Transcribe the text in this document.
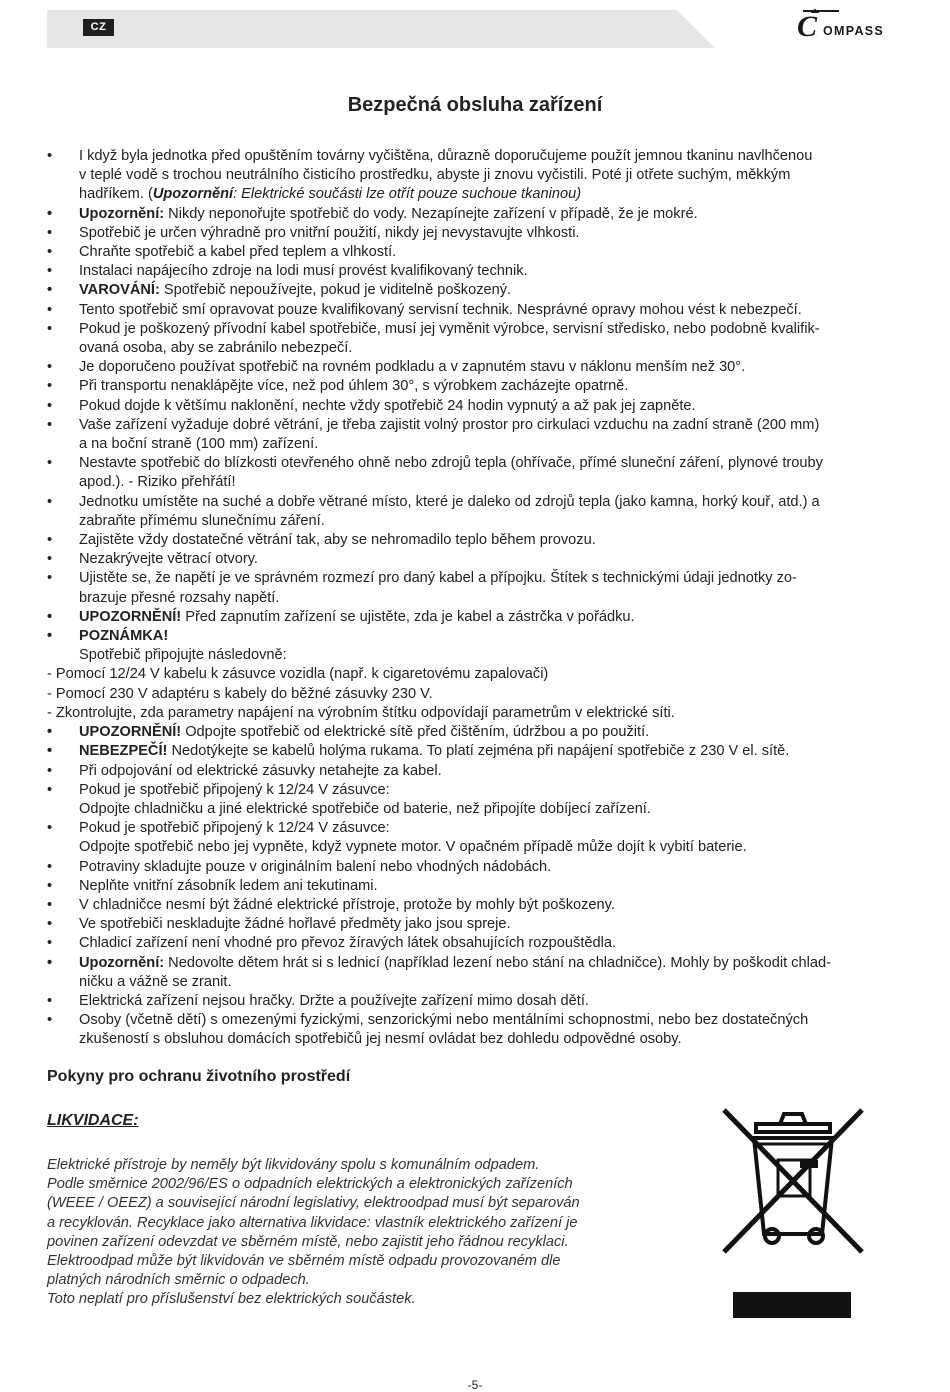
CZ	C OMPASS
Bezpečná obsluha zařízení
•	I když byla jednotka před opuštěním továrny vyčištěna, důrazně doporučujeme použít jemnou tkaninu navlhčenou
v teplé vodě s trochou neutrálního čisticího prostředku, abyste ji znovu vyčistili. Poté ji otřete suchým, měkkým
hadříkem. (Upozornění: Elektrické součásti lze otřít pouze suchoue tkaninou)
•	Upozornění: Nikdy neponořujte spotřebič do vody. Nezapínejte zařízení v případě, že je mokré.
•	Spotřebič je určen výhradně pro vnitřní použití, nikdy jej nevystavujte vlhkosti.
•	Chraňte spotřebič a kabel před teplem a vlhkostí.
•	Instalaci napájecího zdroje na lodi musí provést kvalifikovaný technik.
•	VAROVÁNÍ: Spotřebič nepoužívejte, pokud je viditelně poškozený.
•	Tento spotřebič smí opravovat pouze kvalifikovaný servisní technik. Nesprávné opravy mohou vést k nebezpečí.
•	Pokud je poškozený přívodní kabel spotřebiče, musí jej vyměnit výrobce, servisní středisko, nebo podobně kvalifik-
ovaná osoba, aby se zabránilo nebezpečí.
•	Je doporučeno používat spotřebič na rovném podkladu a v zapnutém stavu v náklonu menším než 30°.
•	Při transportu nenaklápějte více, než pod úhlem 30°, s výrobkem zacházejte opatrně.
•	Pokud dojde k většímu naklonění, nechte vždy spotřebič 24 hodin vypnutý a až pak jej zapněte.
•	Vaše zařízení vyžaduje dobré větrání, je třeba zajistit volný prostor pro cirkulaci vzduchu na zadní straně (200 mm)
a na boční straně (100 mm) zařízení.
•	Nestavte spotřebič do blízkosti otevřeného ohně nebo zdrojů tepla (ohřívače, přímé sluneční záření, plynové trouby
apod.). - Riziko přehřátí!
•	Jednotku umístěte na suché a dobře větrané místo, které je daleko od zdrojů tepla (jako kamna, horký kouř, atd.) a
zabraňte přímému slunečnímu záření.
•	Zajistěte vždy dostatečné větrání tak, aby se nehromadilo teplo během provozu.
•	Nezakrývejte větrací otvory.
•	Ujistěte se, že napětí je ve správném rozmezí pro daný kabel a přípojku. Štítek s technickými údaji jednotky zo-
brazuje přesné rozsahy napětí.
•	UPOZORNĚNÍ! Před zapnutím zařízení se ujistěte, zda je kabel a zástrčka v pořádku.
•	POZNÁMKA!
Spotřebič připojujte následovně:
- Pomocí 12/24 V kabelu k zásuvce vozidla (např. k cigaretovému zapalovači)
- Pomocí 230 V adaptéru s kabely do běžné zásuvky 230 V.
- Zkontrolujte, zda parametry napájení na výrobním štítku odpovídají parametrům v elektrické síti.
•	UPOZORNĚNÍ! Odpojte spotřebič od elektrické sítě před čištěním, údržbou a po použití.
•	NEBEZPEČÍ! Nedotýkejte se kabelů holýma rukama. To platí zejména při napájení spotřebiče z 230 V el. sítě.
•	Při odpojování od elektrické zásuvky netahejte za kabel.
•	Pokud je spotřebič připojený k 12/24 V zásuvce:
Odpojte chladničku a jiné elektrické spotřebiče od baterie, než připojíte dobíjecí zařízení.
•	Pokud je spotřebič připojený k 12/24 V zásuvce:
Odpojte spotřebič nebo jej vypněte, když vypnete motor. V opačném případě může dojít k vybití baterie.
•	Potraviny skladujte pouze v originálním balení nebo vhodných nádobách.
•	Neplňte vnitřní zásobník ledem ani tekutinami.
•	V chladničce nesmí být žádné elektrické přístroje, protože by mohly být poškozeny.
•	Ve spotřebiči neskladujte žádné hořlavé předměty jako jsou spreje.
•	Chladicí zařízení není vhodné pro převoz žíravých látek obsahujících rozpouštědla.
•	Upozornění: Nedovolte dětem hrát si s lednicí (například lezení nebo stání na chladničce). Mohly by poškodit chlad-
ničku a vážně se zranit.
•	Elektrická zařízení nejsou hračky. Držte a používejte zařízení mimo dosah dětí.
•	Osoby (včetně dětí) s omezenými fyzickými, senzorickými nebo mentálními schopnostmi, nebo bez dostatečných
zkušeností s obsluhou domácích spotřebičů jej nesmí ovládat bez dohledu odpovědné osoby.
Pokyny pro ochranu životního prostředí
LIKVIDACE:
Elektrické přístroje by neměly být likvidovány spolu s komunálním odpadem.
Podle směrnice 2002/96/ES o odpadních elektrických a elektronických zařízeních
(WEEE / OEEZ) a související národní legislativy, elektroodpad musí být separován
a recyklován. Recyklace jako alternativa likvidace: vlastník elektrického zařízení je
povinen zařízení odevzdat ve sběrném místě, nebo zajistit jeho řádnou recyklaci.
Elektroodpad může být likvidován ve sběrném místě odpadu provozovaném dle
platných národních směrnic o odpadech.
Toto neplatí pro příslušenství bez elektrických součástek.
-5-
